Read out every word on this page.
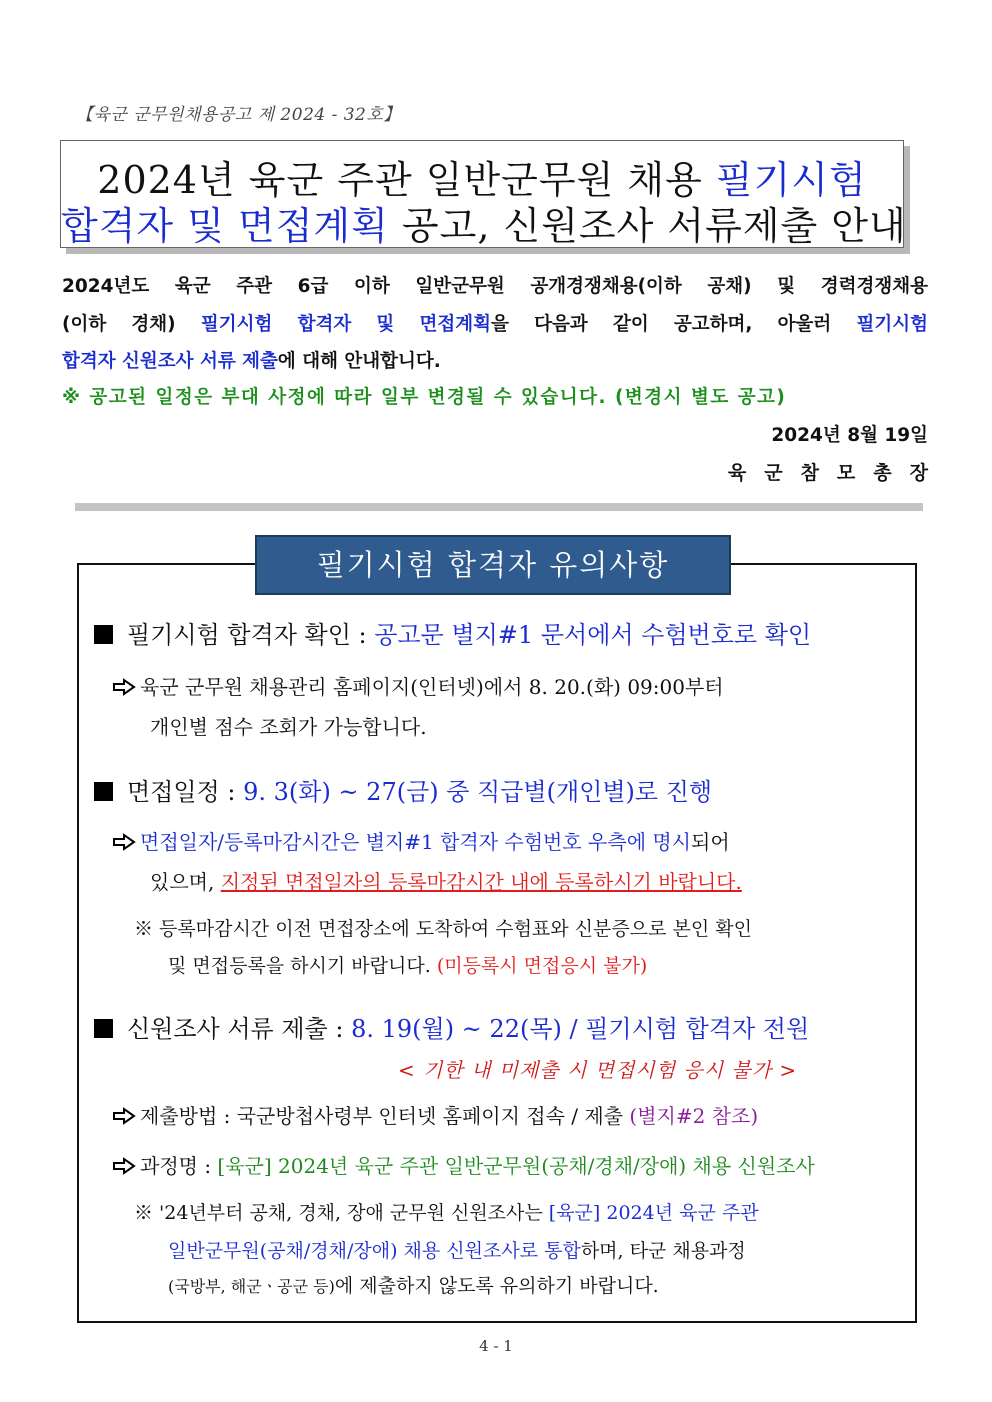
【육군 군무원채용공고 제 2024 - 32호】
2024년 육군 주관 일반군무원 채용 필기시험
합격자 및 면접계획 공고, 신원조사 서류제출 안내
2024년도 육군 주관 6급 이하 일반군무원 공개경쟁채용(이하 공채) 및 경력경쟁채용
(이하 경채) 필기시험 합격자 및 면접계획을 다음과 같이 공고하며, 아울러 필기시험
합격자 신원조사 서류 제출에 대해 안내합니다.
※ 공고된 일정은 부대 사정에 따라 일부 변경될 수 있습니다. (변경시 별도 공고)
2024년 8월 19일
육군참모총장
필기시험 합격자 유의사항
필기시험 합격자 확인 : 공고문 별지#1 문서에서 수험번호로 확인
육군 군무원 채용관리 홈페이지(인터넷)에서 8. 20.(화) 09:00부터
개인별 점수 조회가 가능합니다.
면접일정 : 9. 3(화) ~ 27(금) 중 직급별(개인별)로 진행
면접일자/등록마감시간은 별지#1 합격자 수험번호 우측에 명시되어
있으며, 지정된 면접일자의 등록마감시간 내에 등록하시기 바랍니다.
※ 등록마감시간 이전 면접장소에 도착하여 수험표와 신분증으로 본인 확인
및 면접등록을 하시기 바랍니다. (미등록시 면접응시 불가)
신원조사 서류 제출 : 8. 19(월) ~ 22(목) / 필기시험 합격자 전원
< 기한 내 미제출 시 면접시험 응시 불가 >
제출방법 : 국군방첩사령부 인터넷 홈페이지 접속 / 제출 (별지#2 참조)
과정명 : [육군] 2024년 육군 주관 일반군무원(공채/경채/장애) 채용 신원조사
※ '24년부터 공채, 경채, 장애 군무원 신원조사는 [육군] 2024년 육군 주관
일반군무원(공채/경채/장애) 채용 신원조사로 통합하며, 타군 채용과정
(국방부, 해군ㆍ공군 등)에 제출하지 않도록 유의하기 바랍니다.
4 - 1
